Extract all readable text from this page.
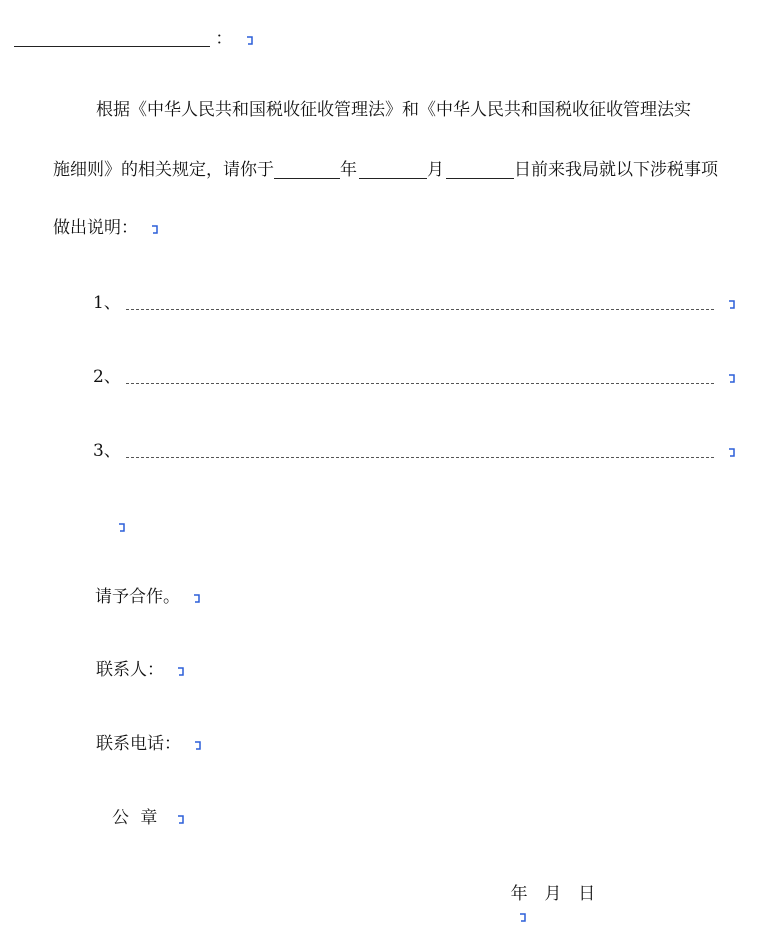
：
根据《中华人民共和国税收征收管理法》和《中华人民共和国税收征收管理法实
施细则》的相关规定，请你于	年	月	日前来我局就以下涉税事项
做出说明：
1、
2、
3、
请予合作。
联系人：
联系电话：
公 章

年  月  日
